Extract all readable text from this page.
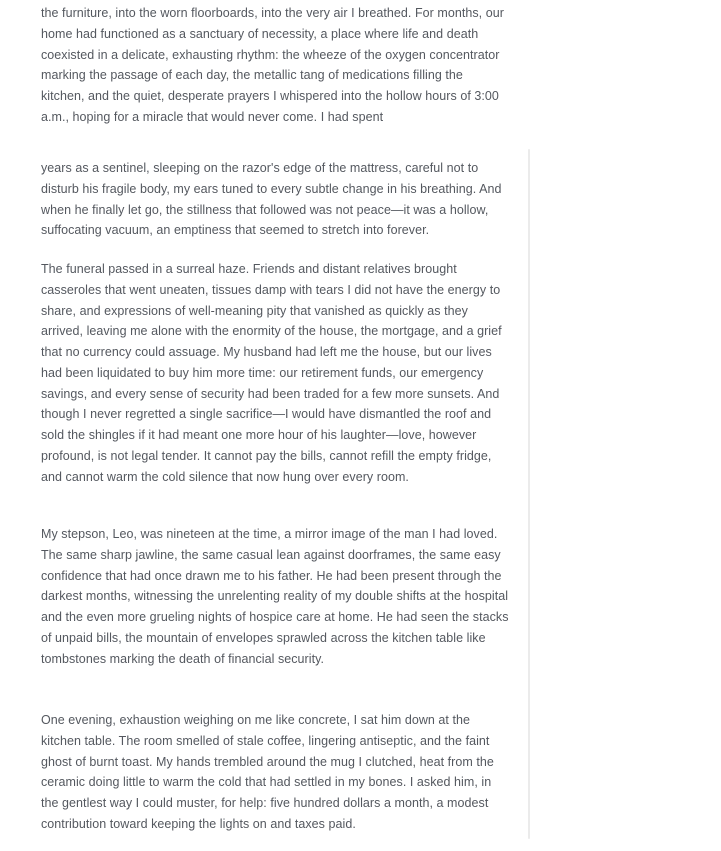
the furniture, into the worn floorboards, into the very air I breathed. For months, our home had functioned as a sanctuary of necessity, a place where life and death coexisted in a delicate, exhausting rhythm: the wheeze of the oxygen concentrator marking the passage of each day, the metallic tang of medications filling the kitchen, and the quiet, desperate prayers I whispered into the hollow hours of 3:00 a.m., hoping for a miracle that would never come. I had spent

years as a sentinel, sleeping on the razor's edge of the mattress, careful not to disturb his fragile body, my ears tuned to every subtle change in his breathing. And when he finally let go, the stillness that followed was not peace—it was a hollow, suffocating vacuum, an emptiness that seemed to stretch into forever.

The funeral passed in a surreal haze. Friends and distant relatives brought casseroles that went uneaten, tissues damp with tears I did not have the energy to share, and expressions of well-meaning pity that vanished as quickly as they arrived, leaving me alone with the enormity of the house, the mortgage, and a grief that no currency could assuage. My husband had left me the house, but our lives had been liquidated to buy him more time: our retirement funds, our emergency savings, and every sense of security had been traded for a few more sunsets. And though I never regretted a single sacrifice—I would have dismantled the roof and sold the shingles if it had meant one more hour of his laughter—love, however profound, is not legal tender. It cannot pay the bills, cannot refill the empty fridge, and cannot warm the cold silence that now hung over every room.

My stepson, Leo, was nineteen at the time, a mirror image of the man I had loved. The same sharp jawline, the same casual lean against doorframes, the same easy confidence that had once drawn me to his father. He had been present through the darkest months, witnessing the unrelenting reality of my double shifts at the hospital and the even more grueling nights of hospice care at home. He had seen the stacks of unpaid bills, the mountain of envelopes sprawled across the kitchen table like tombstones marking the death of financial security.

One evening, exhaustion weighing on me like concrete, I sat him down at the kitchen table. The room smelled of stale coffee, lingering antiseptic, and the faint ghost of burnt toast. My hands trembled around the mug I clutched, heat from the ceramic doing little to warm the cold that had settled in my bones. I asked him, in the gentlest way I could muster, for help: five hundred dollars a month, a modest contribution toward keeping the lights on and taxes paid.
